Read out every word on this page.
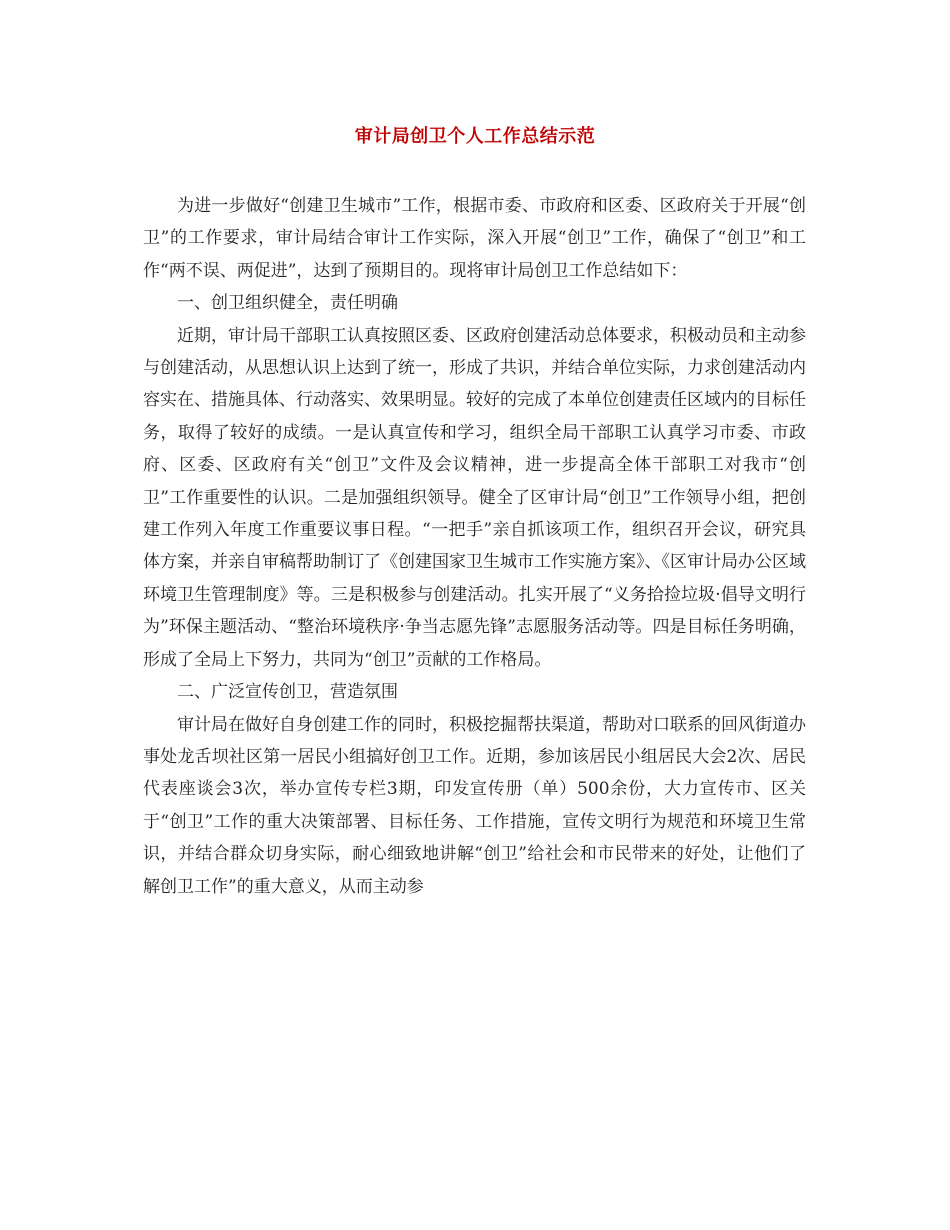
审计局创卫个人工作总结示范

为进一步做好“创建卫生城市”工作，根据市委、市政府和区委、区政府关于开展“创卫”的工作要求，审计局结合审计工作实际，深入开展“创卫”工作，确保了“创卫”和工作“两不误、两促进”，达到了预期目的。现将审计局创卫工作总结如下：

一、创卫组织健全，责任明确

近期，审计局干部职工认真按照区委、区政府创建活动总体要求，积极动员和主动参与创建活动，从思想认识上达到了统一，形成了共识，并结合单位实际，力求创建活动内容实在、措施具体、行动落实、效果明显。较好的完成了本单位创建责任区域内的目标任务，取得了较好的成绩。一是认真宣传和学习，组织全局干部职工认真学习市委、市政府、区委、区政府有关“创卫”文件及会议精神，进一步提高全体干部职工对我市“创卫”工作重要性的认识。二是加强组织领导。健全了区审计局“创卫”工作领导小组，把创建工作列入年度工作重要议事日程。“一把手”亲自抓该项工作，组织召开会议，研究具体方案，并亲自审稿帮助制订了《创建国家卫生城市工作实施方案》、《区审计局办公区域环境卫生管理制度》等。三是积极参与创建活动。扎实开展了“义务拾捡垃圾·倡导文明行为”环保主题活动、“整治环境秩序·争当志愿先锋”志愿服务活动等。四是目标任务明确，形成了全局上下努力，共同为“创卫”贡献的工作格局。

二、广泛宣传创卫，营造氛围

审计局在做好自身创建工作的同时，积极挖掘帮扶渠道，帮助对口联系的回风街道办事处龙舌坝社区第一居民小组搞好创卫工作。近期，参加该居民小组居民大会2次、居民代表座谈会3次，举办宣传专栏3期，印发宣传册（单）500余份，大力宣传市、区关于“创卫”工作的重大决策部署、目标任务、工作措施，宣传文明行为规范和环境卫生常识，并结合群众切身实际，耐心细致地讲解“创卫”给社会和市民带来的好处，让他们了解创卫工作”的重大意义，从而主动参
